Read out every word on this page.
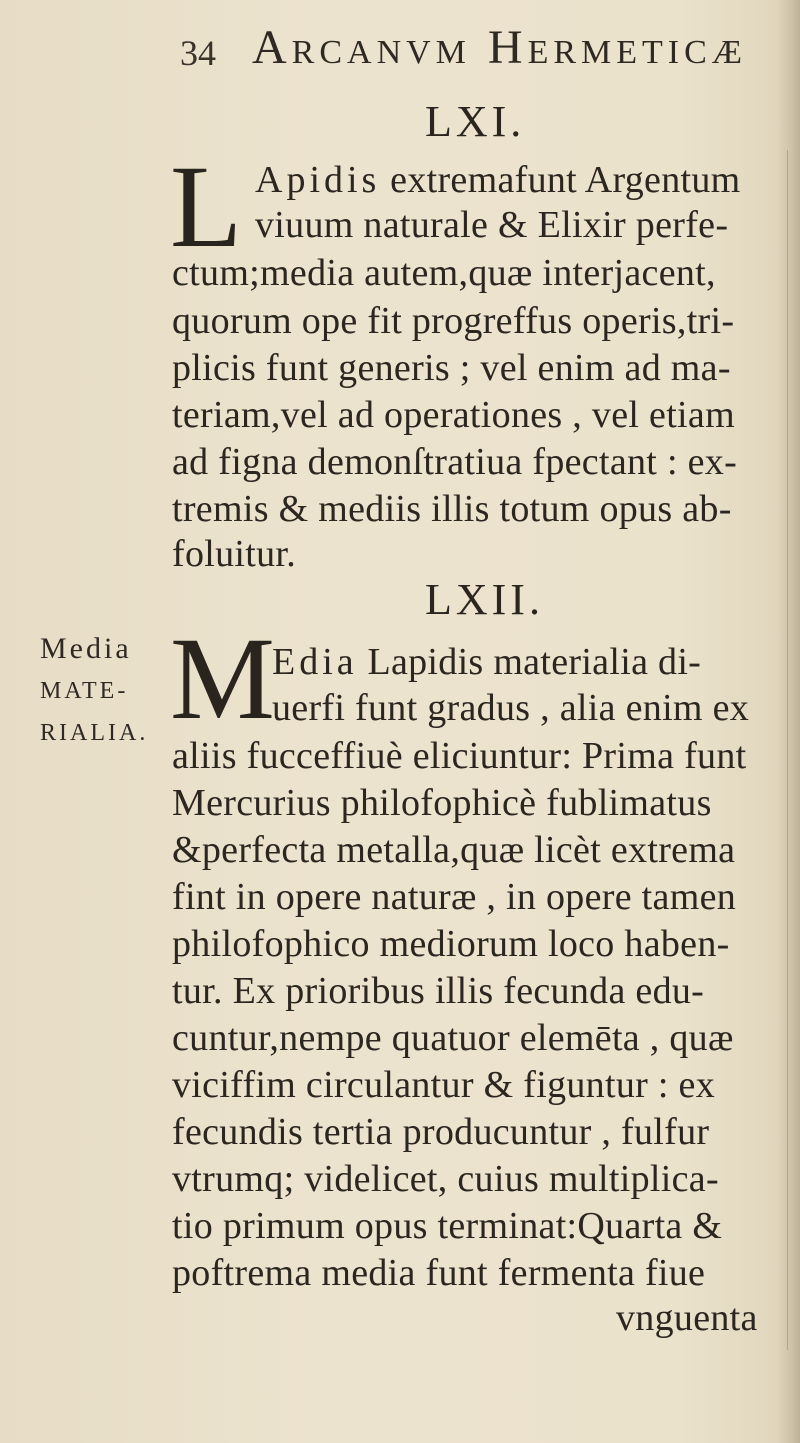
34 Arcanvm Hermeticæ
LXI.
L Apidis extremafunt Argentum
viuum naturale & Elixir perfe-
ctum;media autem,quæ interjacent,
quorum ope fit progreffus operis,tri-
plicis funt generis ; vel enim ad ma-
teriam,vel ad operationes , vel etiam
ad figna demonſtratiua fpectant : ex-
tremis & mediis illis totum opus ab-
foluitur.
LXII.
M
Edia Lapidis materialia di-
uerfi funt gradus , alia enim ex
aliis fucceffiuè eliciuntur: Prima funt
Mercurius philofophicè fublimatus
&perfecta metalla,quæ licèt extrema
fint in opere naturæ , in opere tamen
philofophico mediorum loco haben-
tur. Ex prioribus illis fecunda edu-
cuntur,nempe quatuor elemēta , quæ
viciffim circulantur & figuntur : ex
fecundis tertia producuntur , fulfur
vtrumq; videlicet, cuius multiplica-
tio primum opus terminat:Quarta &
poftrema media funt fermenta fiue
vnguenta
Media
MATE-
RIALIA.
